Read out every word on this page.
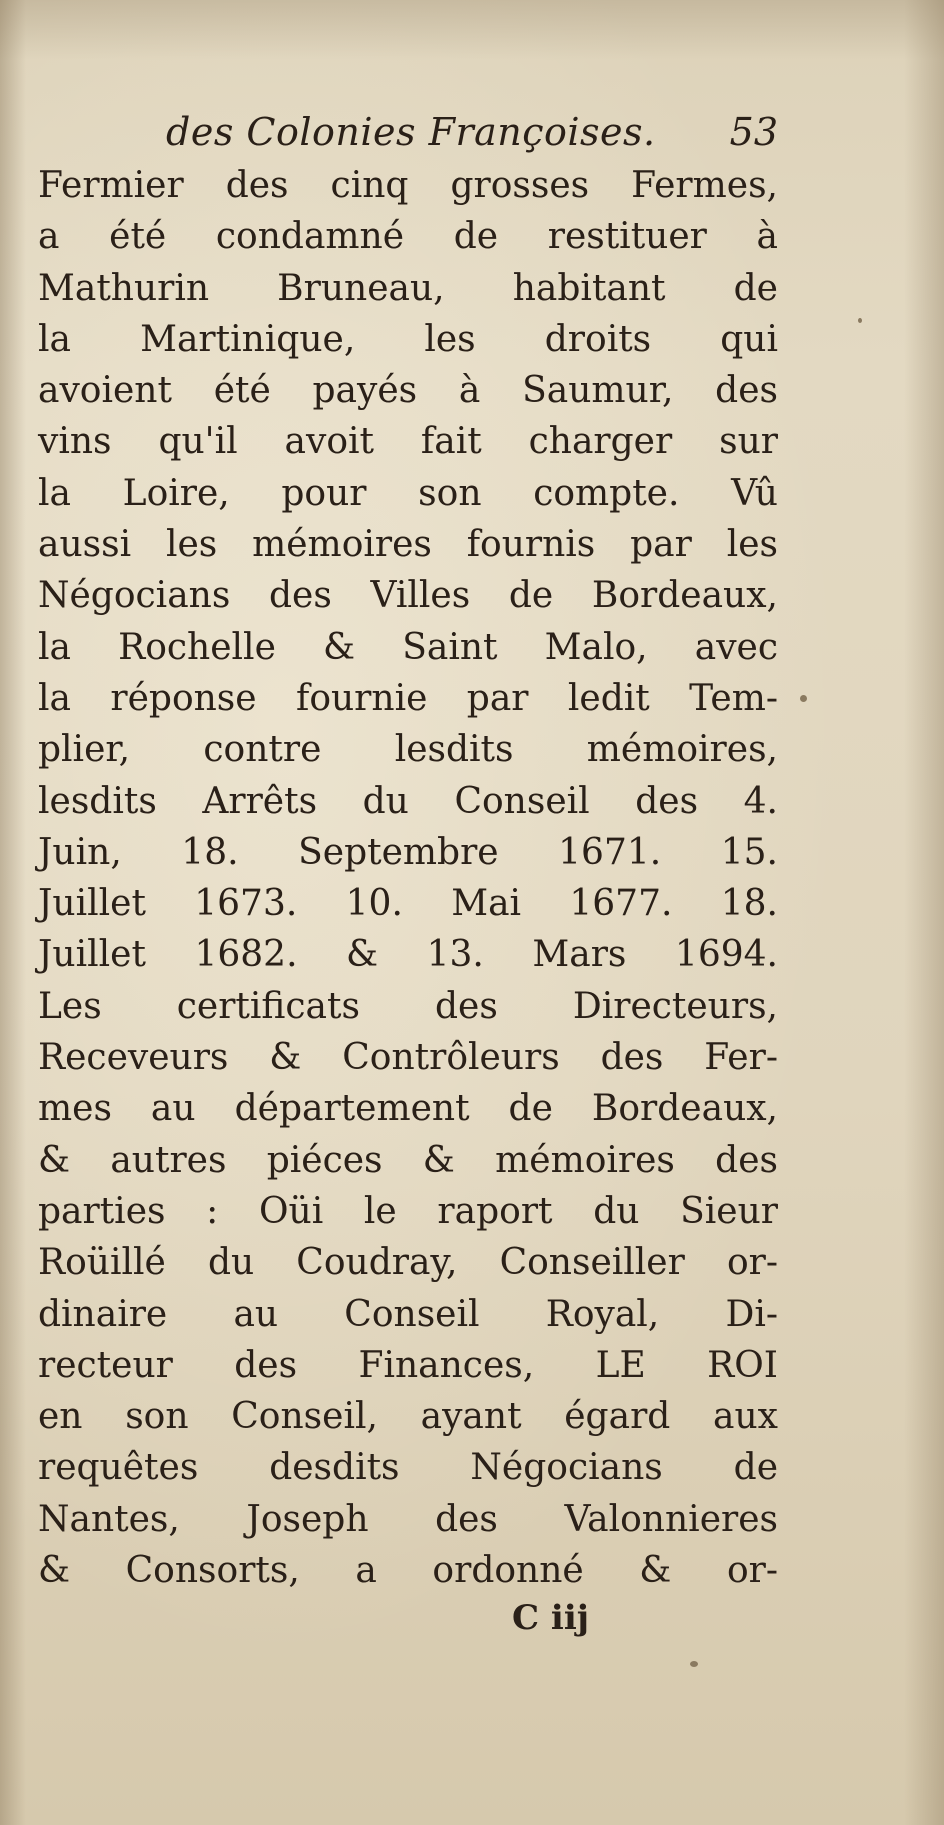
des Colonies Françoises. 53
Fermier des cinq grosses Fermes,
a été condamné de restituer à
Mathurin Bruneau, habitant de
la Martinique, les droits qui
avoient été payés à Saumur, des
vins qu'il avoit fait charger sur
la Loire, pour son compte. Vû
aussi les mémoires fournis par les
Négocians des Villes de Bordeaux,
la Rochelle & Saint Malo, avec
la réponse fournie par ledit Tem-
plier, contre lesdits mémoires,
lesdits Arrêts du Conseil des 4.
Juin, 18. Septembre 1671. 15.
Juillet 1673. 10. Mai 1677. 18.
Juillet 1682. & 13. Mars 1694.
Les certificats des Directeurs,
Receveurs & Contrôleurs des Fer-
mes au département de Bordeaux,
& autres piéces & mémoires des
parties : Oüi le raport du Sieur
Roüillé du Coudray, Conseiller or-
dinaire au Conseil Royal, Di-
recteur des Finances, LE ROI
en son Conseil, ayant égard aux
requêtes desdits Négocians de
Nantes, Joseph des Valonnieres
& Consorts, a ordonné & or-
C iij
